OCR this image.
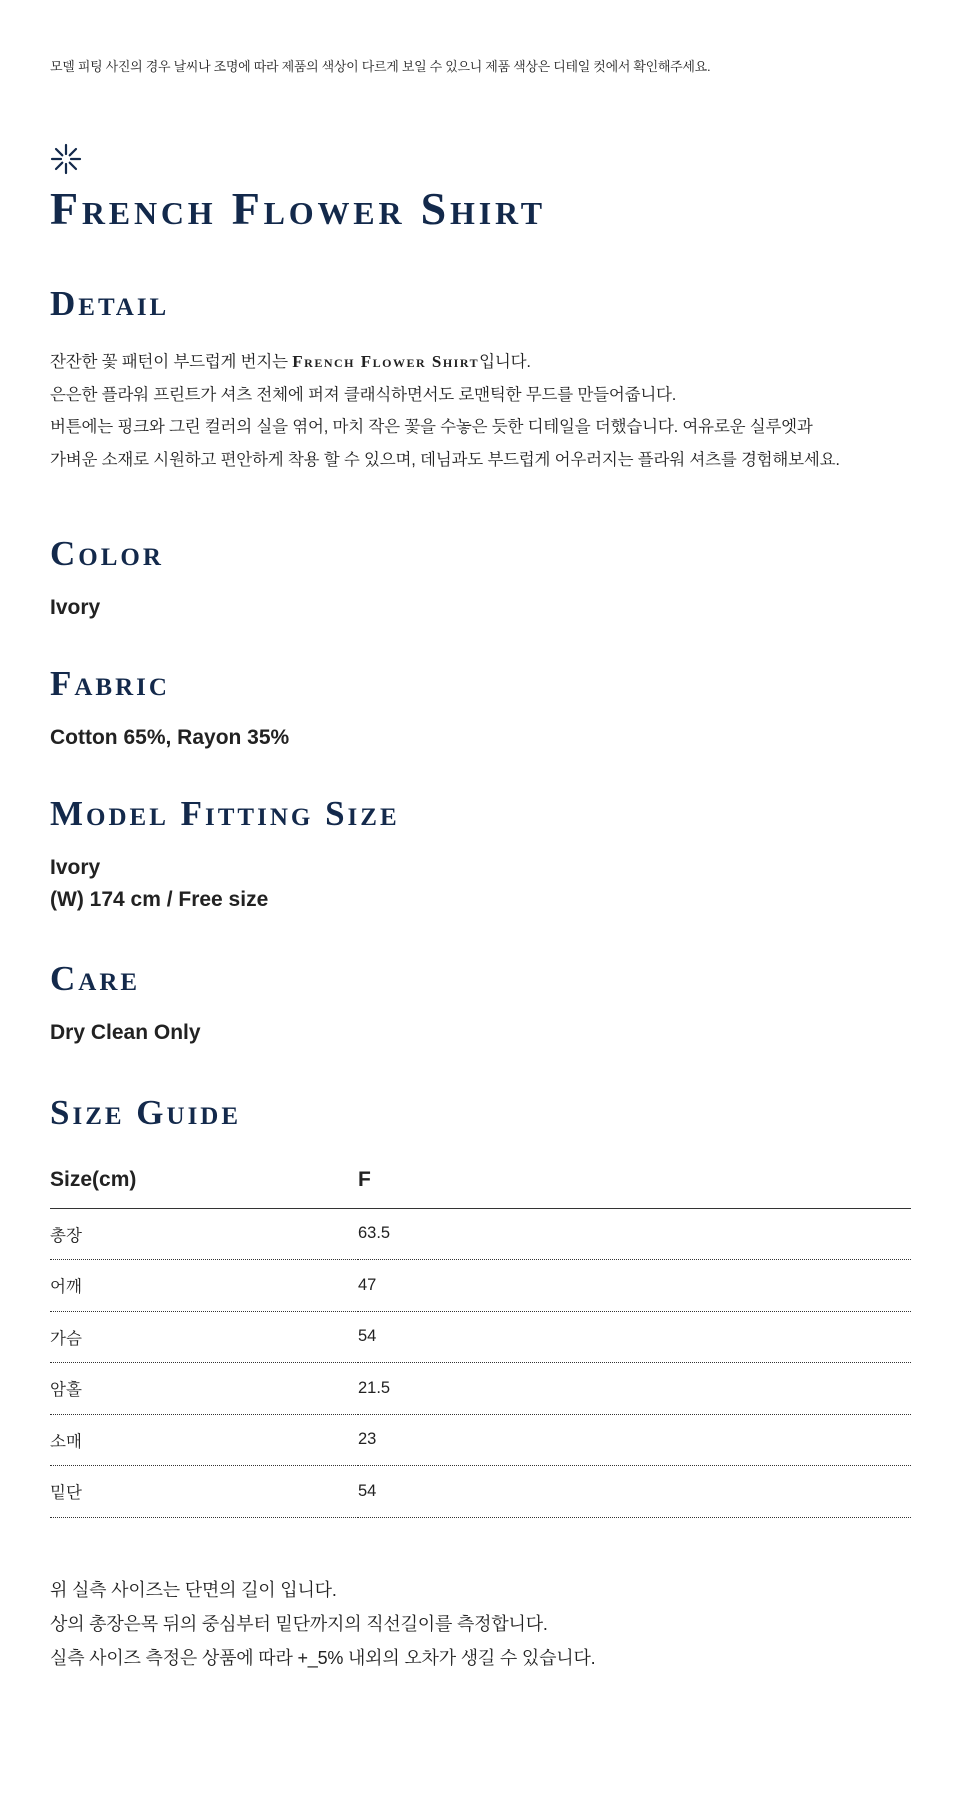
모델 피팅 사진의 경우 날씨나 조명에 따라 제품의 색상이 다르게 보일 수 있으니 제품 색상은 디테일 컷에서 확인해주세요.

French Flower Shirt
Detail
잔잔한 꽃 패턴이 부드럽게 번지는 French Flower Shirt입니다.
은은한 플라워 프린트가 셔츠 전체에 퍼져 클래식하면서도 로맨틱한 무드를 만들어줍니다.
버튼에는 핑크와 그린 컬러의 실을 엮어, 마치 작은 꽃을 수놓은 듯한 디테일을 더했습니다. 여유로운 실루엣과
가벼운 소재로 시원하고 편안하게 착용 할 수 있으며, 데님과도 부드럽게 어우러지는 플라워 셔츠를 경험해보세요.
Color

Ivory

Fabric

Cotton 65%, Rayon 35%

Model Fitting Size

Ivory

(W) 174 cm / Free size

Care

Dry Clean Only

Size Guide
Size(cm)	F
총장	63.5
어깨	47
가슴	54
암홀	21.5
소매	23
밑단	54
위 실측 사이즈는 단면의 길이 입니다.
상의 총장은목 뒤의 중심부터 밑단까지의 직선길이를 측정합니다.
실측 사이즈 측정은 상품에 따라 +_5% 내외의 오차가 생길 수 있습니다.
